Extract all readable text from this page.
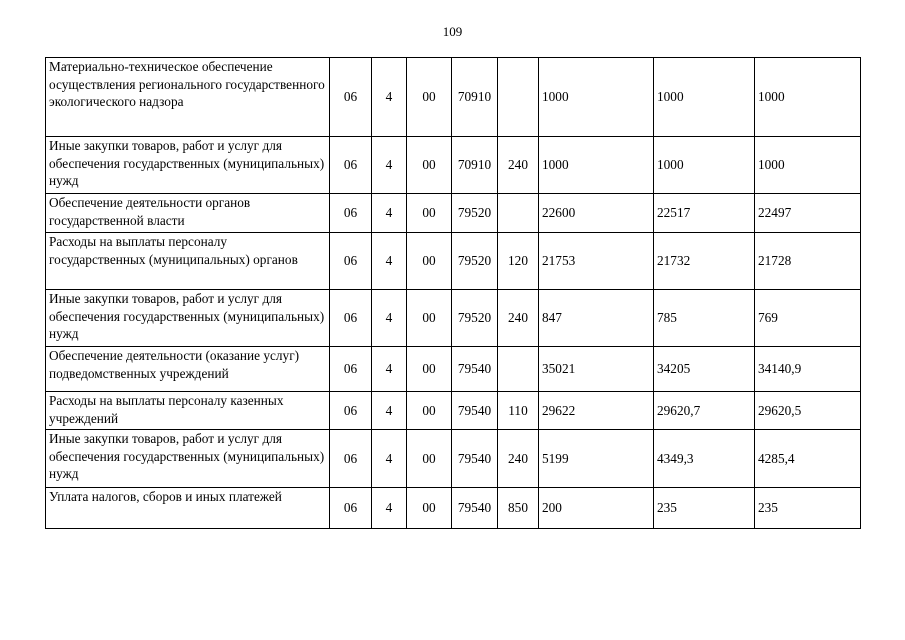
109
Материально-техническое обеспечение осуществления регионального государственного экологического надзора	06	4	00	70910		1000	1000	1000
Иные закупки товаров, работ и услуг для обеспечения государственных (муниципальных) нужд	06	4	00	70910	240	1000	1000	1000
Обеспечение деятельности органов государственной власти	06	4	00	79520		22600	22517	22497
Расходы на выплаты персоналу государственных (муниципальных) органов	06	4	00	79520	120	21753	21732	21728
Иные закупки товаров, работ и услуг для обеспечения государственных (муниципальных) нужд	06	4	00	79520	240	847	785	769
Обеспечение деятельности (оказание услуг) подведомственных учреждений	06	4	00	79540		35021	34205	34140,9
Расходы на выплаты персоналу казенных учреждений	06	4	00	79540	110	29622	29620,7	29620,5
Иные закупки товаров, работ и услуг для обеспечения государственных (муниципальных) нужд	06	4	00	79540	240	5199	4349,3	4285,4
Уплата налогов, сборов и иных платежей	06	4	00	79540	850	200	235	235
